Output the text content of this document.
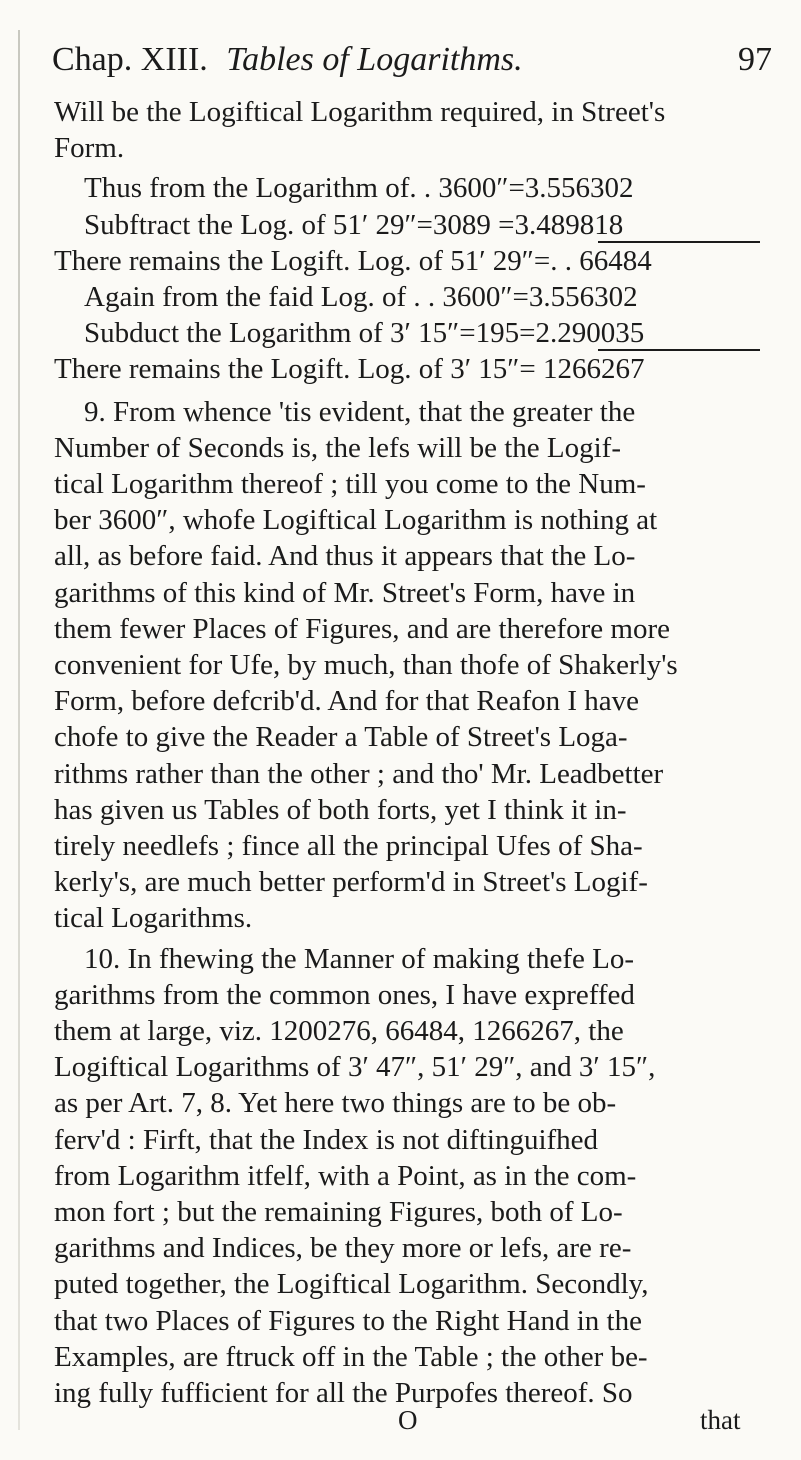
Chap. XIII. Tables of Logarithms.	97
Will be the Logiftical Logarithm required, in Street's
Form.
Thus from the Logarithm of. . 3600″=3.556302
Subftract the Log. of 51′ 29″=3089 =3.489818
There remains the Logift. Log. of 51′ 29″=. . 66484
Again from the faid Log. of . . 3600″=3.556302
Subduct the Logarithm of 3′ 15″=195=2.290035
There remains the Logift. Log. of 3′ 15″= 1266267
9. From whence 'tis evident, that the greater the
Number of Seconds is, the lefs will be the Logif-
tical Logarithm thereof ; till you come to the Num-
ber 3600″, whofe Logiftical Logarithm is nothing at
all, as before faid. And thus it appears that the Lo-
garithms of this kind of Mr. Street's Form, have in
them fewer Places of Figures, and are therefore more
convenient for Ufe, by much, than thofe of Shakerly's
Form, before defcrib'd. And for that Reafon I have
chofe to give the Reader a Table of Street's Loga-
rithms rather than the other ; and tho' Mr. Leadbetter
has given us Tables of both forts, yet I think it in-
tirely needlefs ; fince all the principal Ufes of Sha-
kerly's, are much better perform'd in Street's Logif-
tical Logarithms.
10. In fhewing the Manner of making thefe Lo-
garithms from the common ones, I have expreffed
them at large, viz. 1200276, 66484, 1266267, the
Logiftical Logarithms of 3′ 47″, 51′ 29″, and 3′ 15″,
as per Art. 7, 8. Yet here two things are to be ob-
ferv'd : Firft, that the Index is not diftinguifhed
from Logarithm itfelf, with a Point, as in the com-
mon fort ; but the remaining Figures, both of Lo-
garithms and Indices, be they more or lefs, are re-
puted together, the Logiftical Logarithm. Secondly,
that two Places of Figures to the Right Hand in the
Examples, are ftruck off in the Table ; the other be-
ing fully fufficient for all the Purpofes thereof. So
O	that
